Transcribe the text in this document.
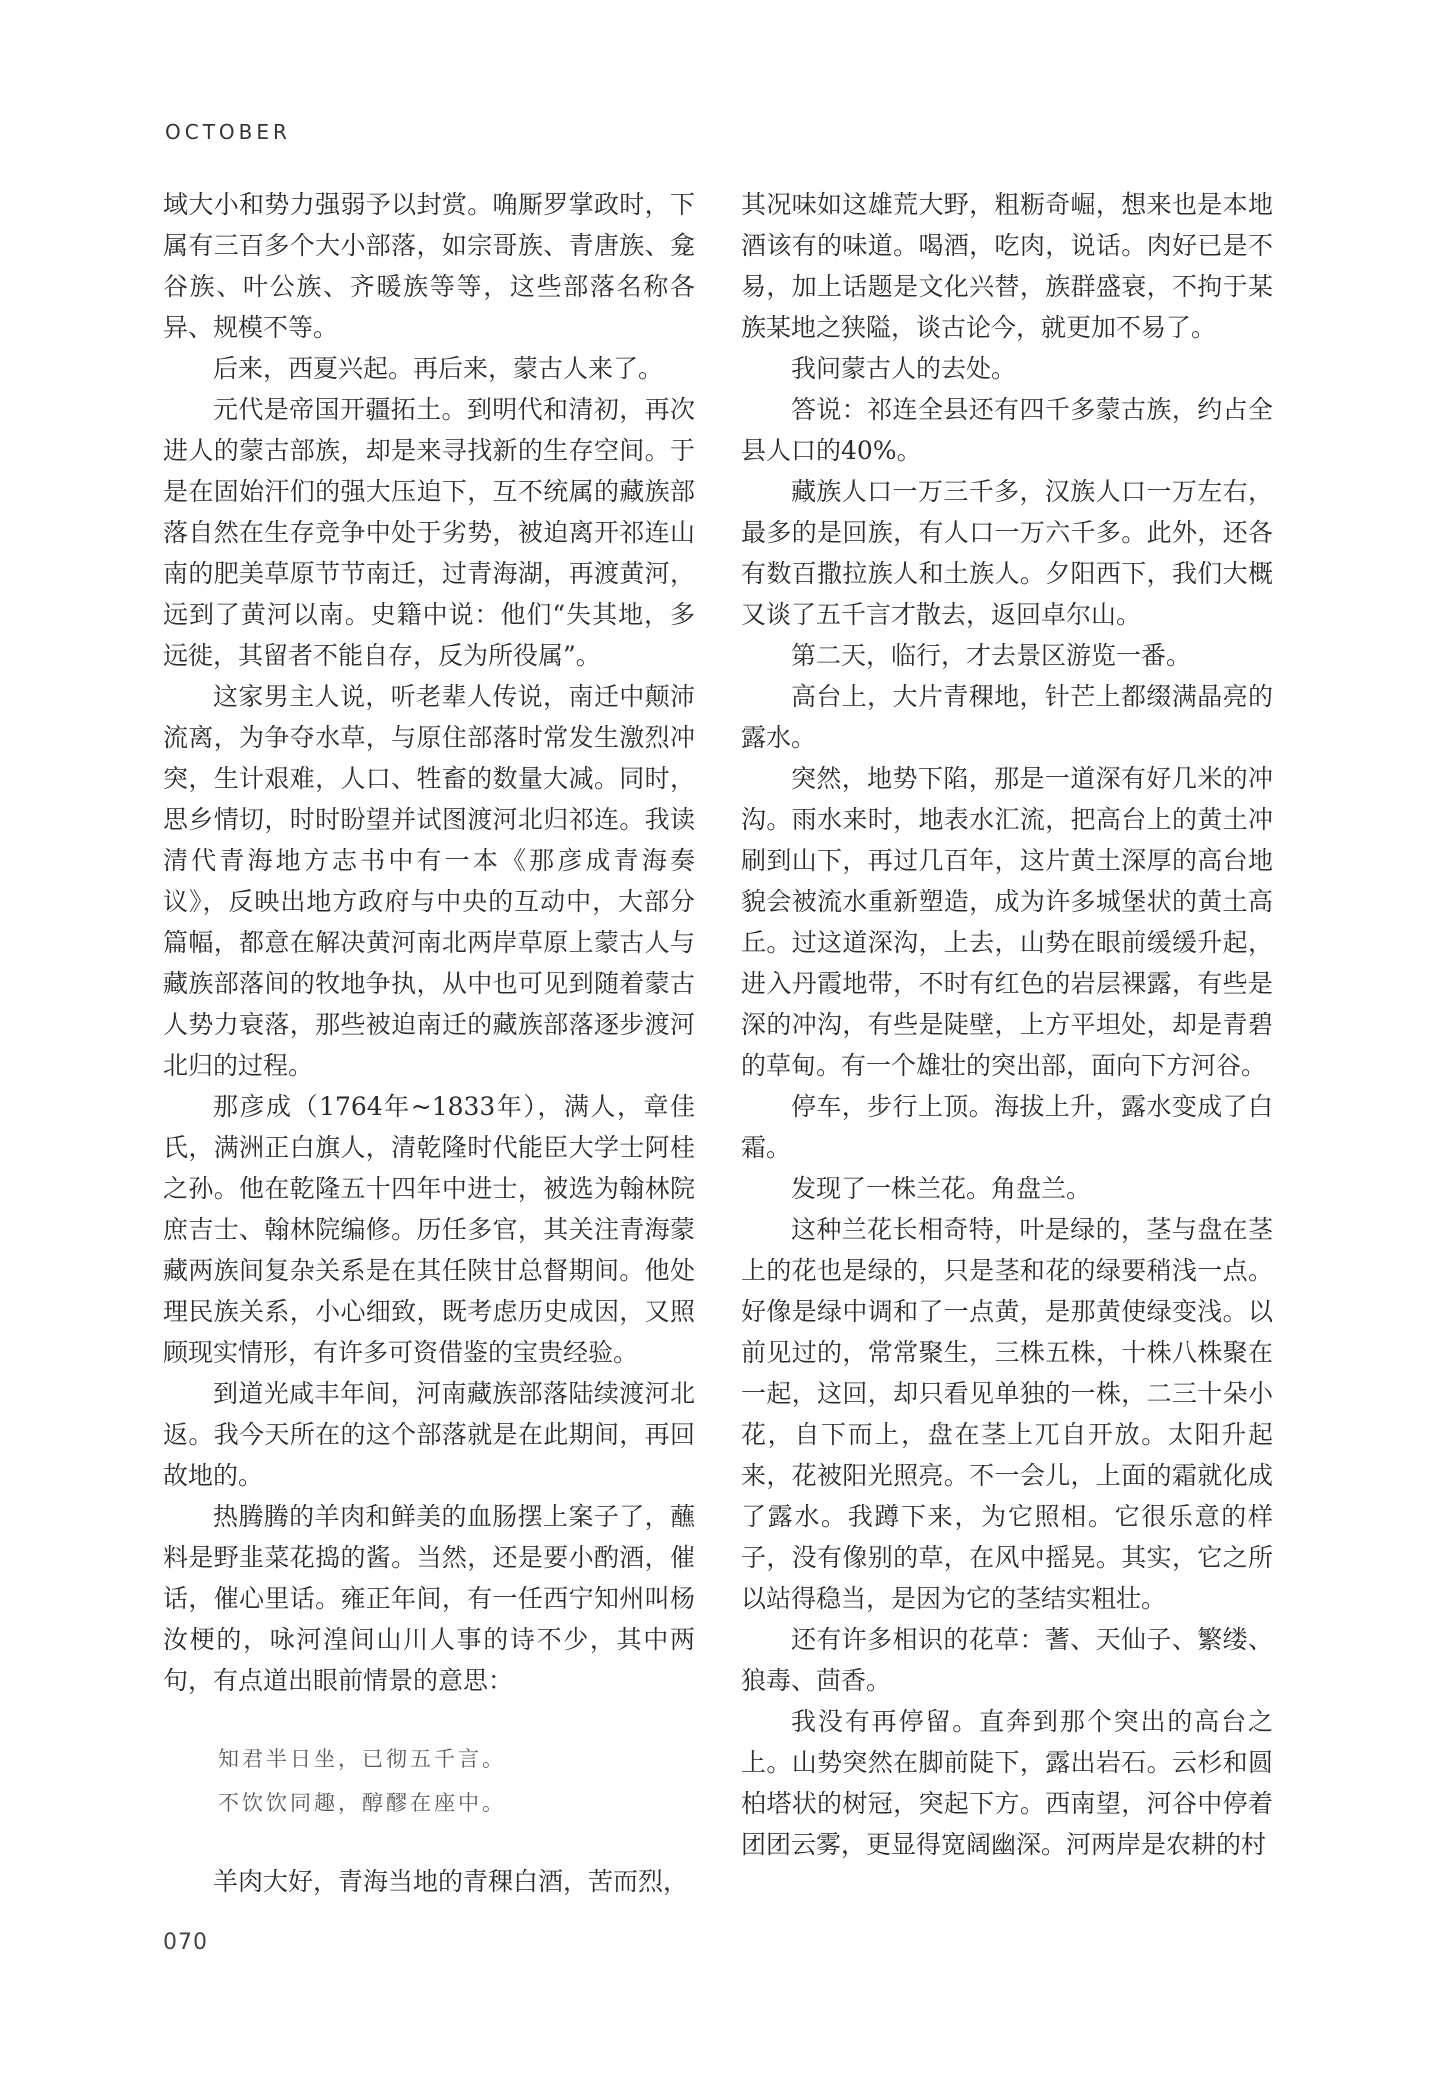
OCTOBER

域大小和势力强弱予以封赏。唃厮罗掌政时，下属有三百多个大小部落，如宗哥族、青唐族、龛谷族、叶公族、齐暖族等等，这些部落名称各异、规模不等。

后来，西夏兴起。再后来，蒙古人来了。

元代是帝国开疆拓土。到明代和清初，再次进人的蒙古部族，却是来寻找新的生存空间。于是在固始汗们的强大压迫下，互不统属的藏族部落自然在生存竞争中处于劣势，被迫离开祁连山南的肥美草原节节南迁，过青海湖，再渡黄河，远到了黄河以南。史籍中说：他们“失其地，多远徙，其留者不能自存，反为所役属”。

这家男主人说，听老辈人传说，南迁中颠沛流离，为争夺水草，与原住部落时常发生激烈冲突，生计艰难，人口、牲畜的数量大减。同时，思乡情切，时时盼望并试图渡河北归祁连。我读清代青海地方志书中有一本《那彦成青海奏议》，反映出地方政府与中央的互动中，大部分篇幅，都意在解决黄河南北两岸草原上蒙古人与藏族部落间的牧地争执，从中也可见到随着蒙古人势力衰落，那些被迫南迁的藏族部落逐步渡河北归的过程。

那彦成（1764年~1833年），满人，章佳氏，满洲正白旗人，清乾隆时代能臣大学士阿桂之孙。他在乾隆五十四年中进士，被选为翰林院庶吉士、翰林院编修。历任多官，其关注青海蒙藏两族间复杂关系是在其任陕甘总督期间。他处理民族关系，小心细致，既考虑历史成因，又照顾现实情形，有许多可资借鉴的宝贵经验。

到道光咸丰年间，河南藏族部落陆续渡河北返。我今天所在的这个部落就是在此期间，再回故地的。

热腾腾的羊肉和鲜美的血肠摆上案子了，蘸料是野韭菜花捣的酱。当然，还是要小酌酒，催话，催心里话。雍正年间，有一任西宁知州叫杨汝梗的，咏河湟间山川人事的诗不少，其中两句，有点道出眼前情景的意思：

知君半日坐，已彻五千言。
不饮饮同趣，醇醪在座中。

羊肉大好，青海当地的青稞白酒，苦而烈，

其况味如这雄荒大野，粗粝奇崛，想来也是本地酒该有的味道。喝酒，吃肉，说话。肉好已是不易，加上话题是文化兴替，族群盛衰，不拘于某族某地之狭隘，谈古论今，就更加不易了。

我问蒙古人的去处。

答说：祁连全县还有四千多蒙古族，约占全县人口的40%。

藏族人口一万三千多，汉族人口一万左右，最多的是回族，有人口一万六千多。此外，还各有数百撒拉族人和土族人。夕阳西下，我们大概又谈了五千言才散去，返回卓尔山。

第二天，临行，才去景区游览一番。

高台上，大片青稞地，针芒上都缀满晶亮的露水。

突然，地势下陷，那是一道深有好几米的冲沟。雨水来时，地表水汇流，把高台上的黄土冲刷到山下，再过几百年，这片黄土深厚的高台地貌会被流水重新塑造，成为许多城堡状的黄土高丘。过这道深沟，上去，山势在眼前缓缓升起，进入丹霞地带，不时有红色的岩层裸露，有些是深的冲沟，有些是陡壁，上方平坦处，却是青碧的草甸。有一个雄壮的突出部，面向下方河谷。

停车，步行上顶。海拔上升，露水变成了白霜。

发现了一株兰花。角盘兰。

这种兰花长相奇特，叶是绿的，茎与盘在茎上的花也是绿的，只是茎和花的绿要稍浅一点。好像是绿中调和了一点黄，是那黄使绿变浅。以前见过的，常常聚生，三株五株，十株八株聚在一起，这回，却只看见单独的一株，二三十朵小花，自下而上，盘在茎上兀自开放。太阳升起来，花被阳光照亮。不一会儿，上面的霜就化成了露水。我蹲下来，为它照相。它很乐意的样子，没有像别的草，在风中摇晃。其实，它之所以站得稳当，是因为它的茎结实粗壮。

还有许多相识的花草：蓍、天仙子、繁缕、狼毒、茴香。

我没有再停留。直奔到那个突出的高台之上。山势突然在脚前陡下，露出岩石。云杉和圆柏塔状的树冠，突起下方。西南望，河谷中停着团团云雾，更显得宽阔幽深。河两岸是农耕的村

070
